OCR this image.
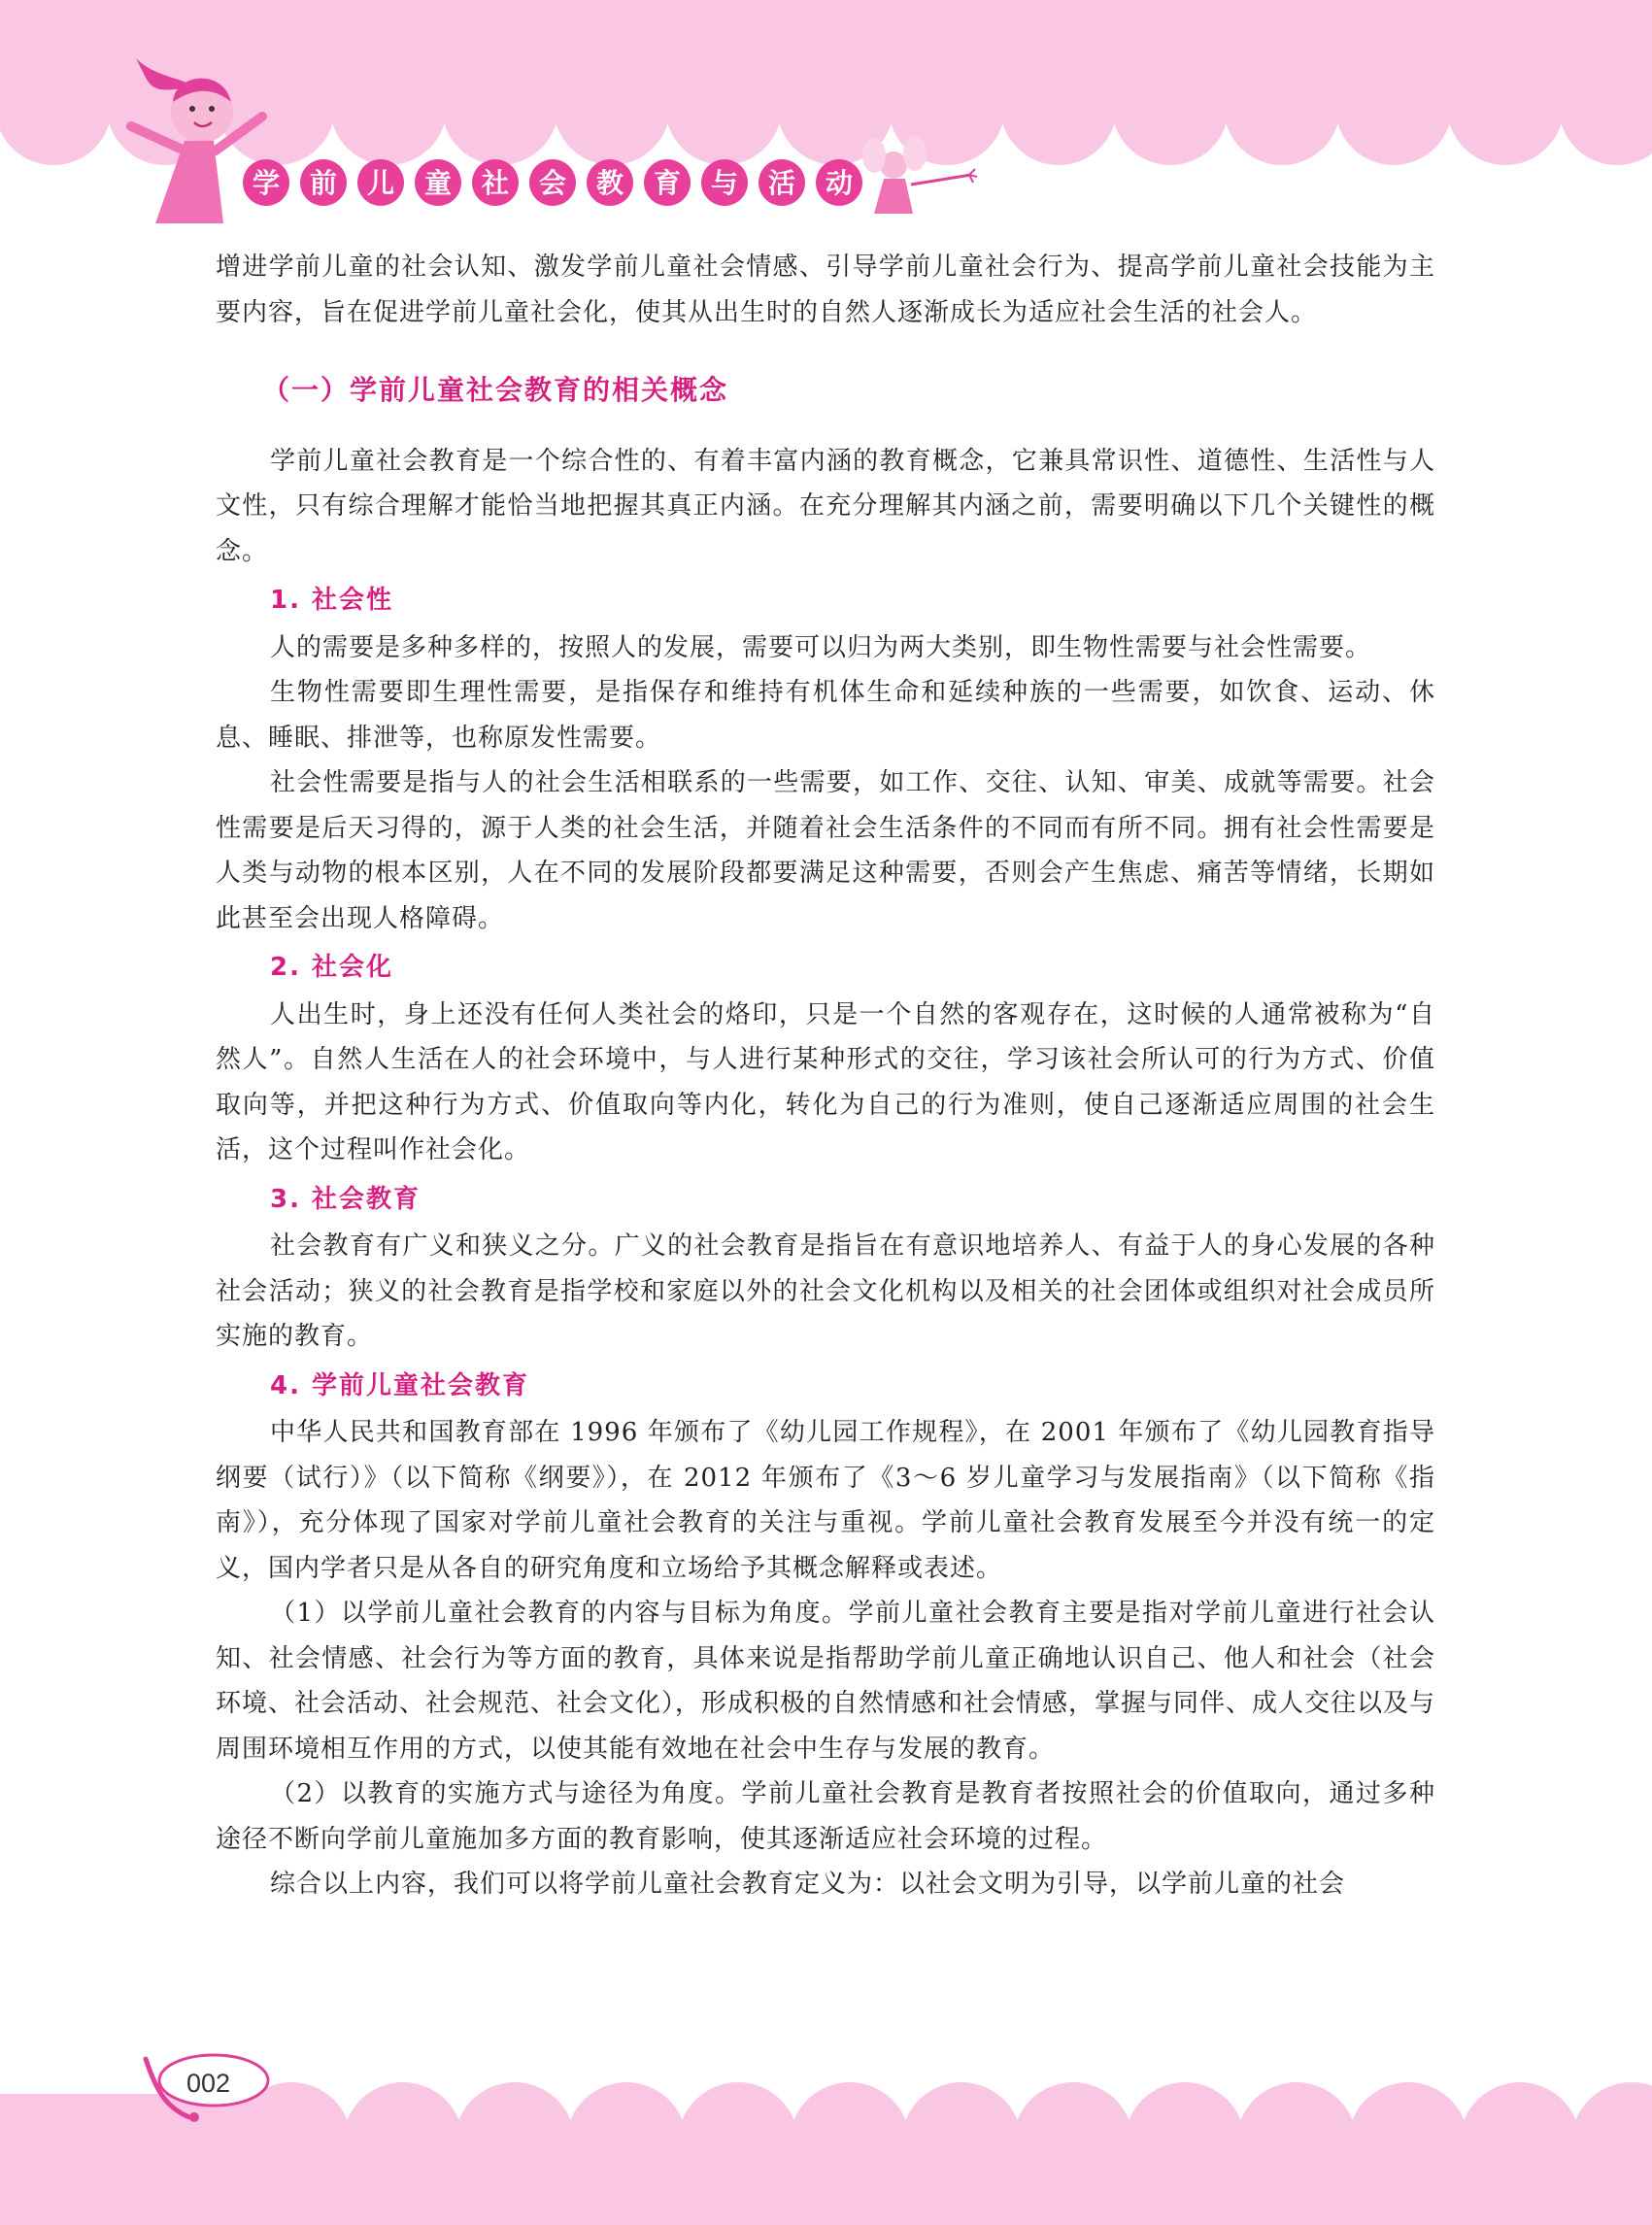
学 前 儿 童 社 会 教 育 与 活 动

增进学前儿童的社会认知、激发学前儿童社会情感、引导学前儿童社会行为、提高学前儿童社会技能为主要内容，旨在促进学前儿童社会化，使其从出生时的自然人逐渐成长为适应社会生活的社会人。

（一）学前儿童社会教育的相关概念

学前儿童社会教育是一个综合性的、有着丰富内涵的教育概念，它兼具常识性、道德性、生活性与人文性，只有综合理解才能恰当地把握其真正内涵。在充分理解其内涵之前，需要明确以下几个关键性的概念。

1. 社会性

人的需要是多种多样的，按照人的发展，需要可以归为两大类别，即生物性需要与社会性需要。

生物性需要即生理性需要，是指保存和维持有机体生命和延续种族的一些需要，如饮食、运动、休息、睡眠、排泄等，也称原发性需要。

社会性需要是指与人的社会生活相联系的一些需要，如工作、交往、认知、审美、成就等需要。社会性需要是后天习得的，源于人类的社会生活，并随着社会生活条件的不同而有所不同。拥有社会性需要是人类与动物的根本区别，人在不同的发展阶段都要满足这种需要，否则会产生焦虑、痛苦等情绪，长期如此甚至会出现人格障碍。

2. 社会化

人出生时，身上还没有任何人类社会的烙印，只是一个自然的客观存在，这时候的人通常被称为“自然人”。自然人生活在人的社会环境中，与人进行某种形式的交往，学习该社会所认可的行为方式、价值取向等，并把这种行为方式、价值取向等内化，转化为自己的行为准则，使自己逐渐适应周围的社会生活，这个过程叫作社会化。

3. 社会教育

社会教育有广义和狭义之分。广义的社会教育是指旨在有意识地培养人、有益于人的身心发展的各种社会活动；狭义的社会教育是指学校和家庭以外的社会文化机构以及相关的社会团体或组织对社会成员所实施的教育。

4. 学前儿童社会教育

中华人民共和国教育部在 1996 年颁布了《幼儿园工作规程》，在 2001 年颁布了《幼儿园教育指导纲要（试行）》（以下简称《纲要》），在 2012 年颁布了《3～6 岁儿童学习与发展指南》（以下简称《指南》），充分体现了国家对学前儿童社会教育的关注与重视。学前儿童社会教育发展至今并没有统一的定义，国内学者只是从各自的研究角度和立场给予其概念解释或表述。

（1）以学前儿童社会教育的内容与目标为角度。学前儿童社会教育主要是指对学前儿童进行社会认知、社会情感、社会行为等方面的教育，具体来说是指帮助学前儿童正确地认识自己、他人和社会（社会环境、社会活动、社会规范、社会文化），形成积极的自然情感和社会情感，掌握与同伴、成人交往以及与周围环境相互作用的方式，以使其能有效地在社会中生存与发展的教育。

（2）以教育的实施方式与途径为角度。学前儿童社会教育是教育者按照社会的价值取向，通过多种途径不断向学前儿童施加多方面的教育影响，使其逐渐适应社会环境的过程。

综合以上内容，我们可以将学前儿童社会教育定义为：以社会文明为引导，以学前儿童的社会

002
